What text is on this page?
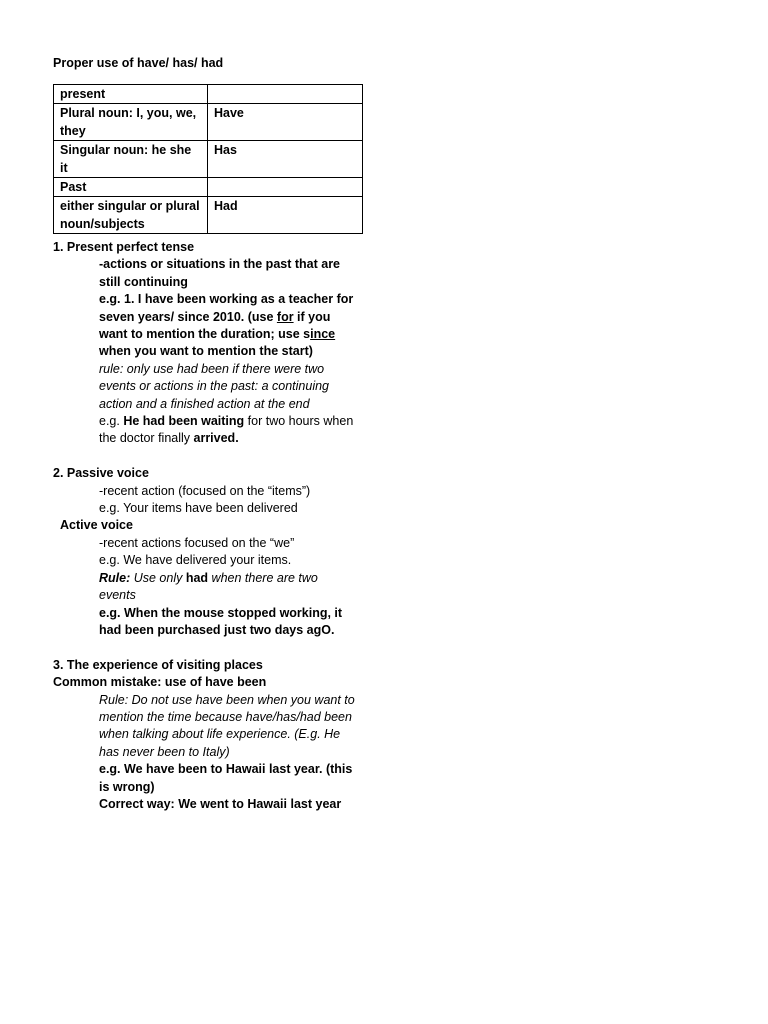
Proper use of have/ has/ had
present	
Plural noun: I, you, we, they	Have
Singular noun: he she it	Has
Past	
either singular or plural noun/subjects	Had

1. Present perfect tense

-actions or situations in the past that are still continuing

e.g. 1. I have been working as a teacher for seven years/ since 2010. (use for if you want to mention the duration; use since when you want to mention the start)

rule: only use had been if there were two events or actions in the past: a continuing action and a finished action at the end

e.g. He had been waiting for two hours when the doctor finally arrived.

2. Passive voice

-recent action (focused on the “items”)

e.g. Your items have been delivered

Active voice

-recent actions focused on the “we”

e.g. We have delivered your items.

Rule: Use only had when there are two events

e.g. When the mouse stopped working, it had been purchased just two days agO.

3. The experience of visiting places

Common mistake: use of have been

Rule: Do not use have been when you want to mention the time because have/has/had been when talking about life experience. (E.g. He has never been to Italy)

e.g. We have been to Hawaii last year. (this is wrong)

Correct way: We went to Hawaii last year
